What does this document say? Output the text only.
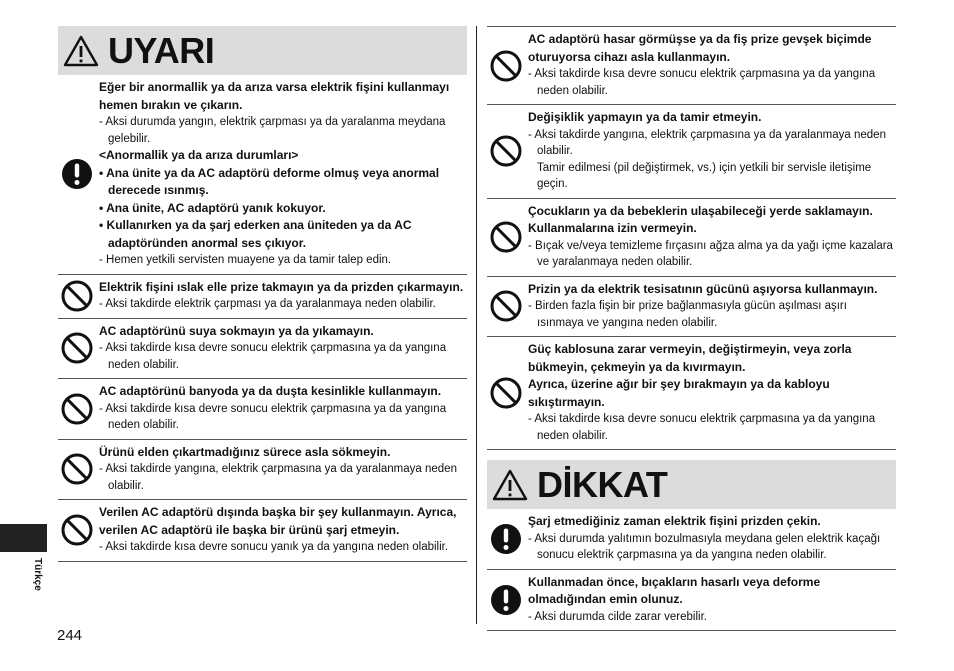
Türkçe
244
UYARI
Eğer bir anormallik ya da arıza varsa elektrik fişini kullanmayı hemen bırakın ve çıkarın.
- Aksi durumda yangın, elektrik çarpması ya da yaralanma meydana gelebilir.
<Anormallik ya da arıza durumları>
• Ana ünite ya da AC adaptörü deforme olmuş veya anormal derecede ısınmış.
• Ana ünite, AC adaptörü yanık kokuyor.
• Kullanırken ya da şarj ederken ana üniteden ya da AC adaptöründen anormal ses çıkıyor.
- Hemen yetkili servisten muayene ya da tamir talep edin.
Elektrik fişini ıslak elle prize takmayın ya da prizden çıkarmayın.
- Aksi takdirde elektrik çarpması ya da yaralanmaya neden olabilir.
AC adaptörünü suya sokmayın ya da yıkamayın.
- Aksi takdirde kısa devre sonucu elektrik çarpmasına ya da yangına neden olabilir.
AC adaptörünü banyoda ya da duşta kesinlikle kullanmayın.
- Aksi takdirde kısa devre sonucu elektrik çarpmasına ya da yangına neden olabilir.
Ürünü elden çıkartmadığınız sürece asla sökmeyin.
- Aksi takdirde yangına, elektrik çarpmasına ya da yaralanmaya neden olabilir.
Verilen AC adaptörü dışında başka bir şey kullanmayın. Ayrıca, verilen AC adaptörü ile başka bir ürünü şarj etmeyin.
- Aksi takdirde kısa devre sonucu yanık ya da yangına neden olabilir.
AC adaptörü hasar görmüşse ya da fiş prize gevşek biçimde oturuyorsa cihazı asla kullanmayın.
- Aksi takdirde kısa devre sonucu elektrik çarpmasına ya da yangına neden olabilir.
Değişiklik yapmayın ya da tamir etmeyin.
- Aksi takdirde yangına, elektrik çarpmasına ya da yaralanmaya neden olabilir.
Tamir edilmesi (pil değiştirmek, vs.) için yetkili bir servisle iletişime geçin.
Çocukların ya da bebeklerin ulaşabileceği yerde saklamayın. Kullanmalarına izin vermeyin.
- Bıçak ve/veya temizleme fırçasını ağza alma ya da yağı içme kazalara ve yaralanmaya neden olabilir.
Prizin ya da elektrik tesisatının gücünü aşıyorsa kullanmayın.
- Birden fazla fişin bir prize bağlanmasıyla gücün aşılması aşırı ısınmaya ve yangına neden olabilir.
Güç kablosuna zarar vermeyin, değiştirmeyin, veya zorla bükmeyin, çekmeyin ya da kıvırmayın.
Ayrıca, üzerine ağır bir şey bırakmayın ya da kabloyu sıkıştırmayın.
- Aksi takdirde kısa devre sonucu elektrik çarpmasına ya da yangına neden olabilir.
DİKKAT
Şarj etmediğiniz zaman elektrik fişini prizden çekin.
- Aksi durumda yalıtımın bozulmasıyla meydana gelen elektrik kaçağı sonucu elektrik çarpmasına ya da yangına neden olabilir.
Kullanmadan önce, bıçakların hasarlı veya deforme olmadığından emin olunuz.
- Aksi durumda cilde zarar verebilir.
